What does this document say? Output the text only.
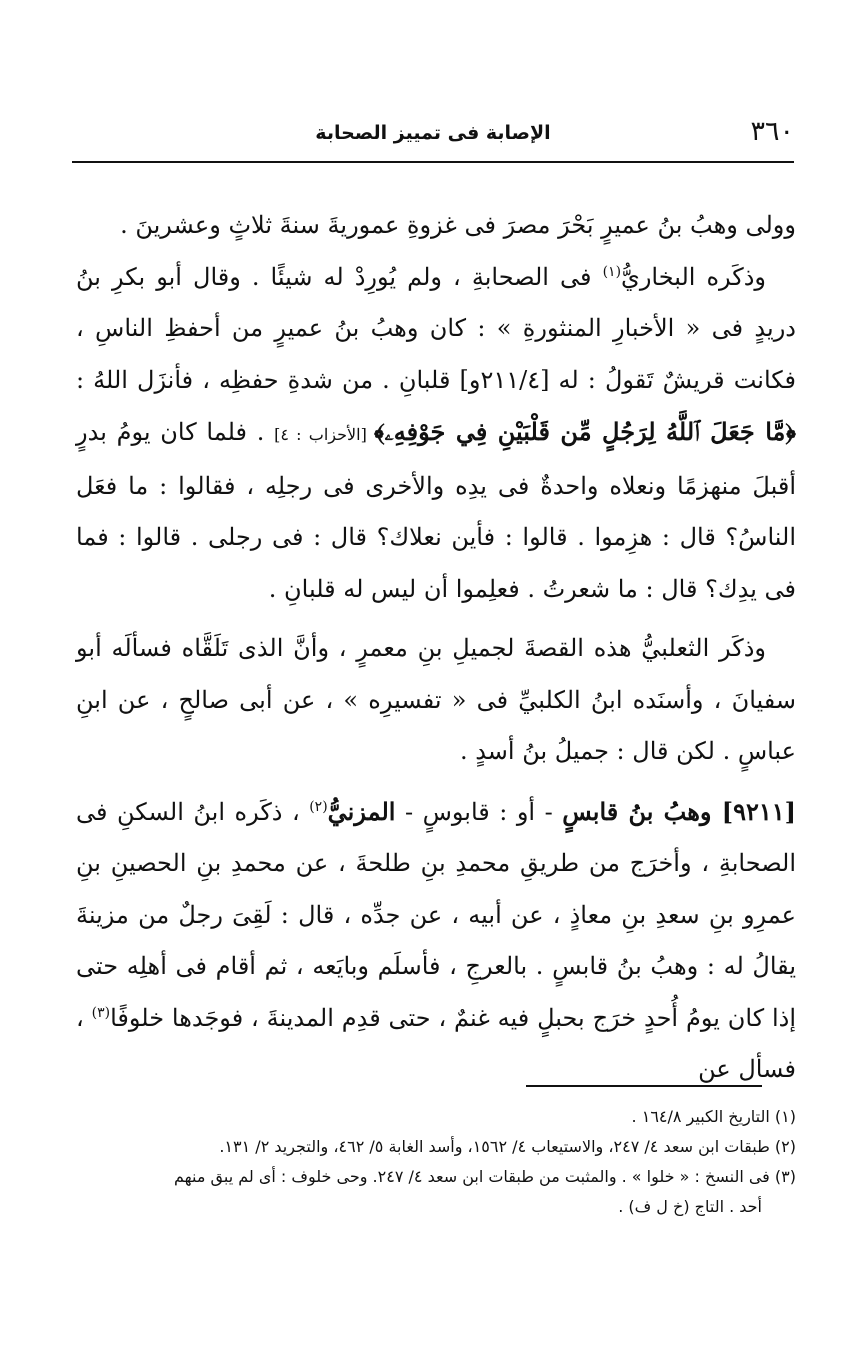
٣٦٠
الإصابة فى تمييز الصحابة

وولى وهبُ بنُ عميرٍ بَحْرَ مصرَ فى غزوةِ عموريةَ سنةَ ثلاثٍ وعشرينَ .

وذكَره البخاريُّ$^{(١)}$ فى الصحابةِ ، ولم يُورِدْ له شيئًا . وقال أبو بكرِ بنُ دريدٍ فى « الأخبارِ المنثورةِ » : كان وهبُ بنُ عميرٍ من أحفظِ الناسِ ، فكانت قريشٌ تَقولُ : له [٢١١/٤و] قلبانِ . من شدةِ حفظِه ، فأنزَل اللهُ : ﴿مَّا جَعَلَ ٱللَّهُ لِرَجُلٍ مِّن قَلْبَيْنِ فِي جَوْفِهِۦ﴾ [الأحزاب : ٤] . فلما كان يومُ بدرٍ أقبلَ منهزمًا ونعلاه واحدةٌ فى يدِه والأخرى فى رجلِه ، فقالوا : ما فعَل الناسُ؟ قال : هزِموا . قالوا : فأين نعلاك؟ قال : فى رجلى . قالوا : فما فى يدِك؟ قال : ما شعرتُ . فعلِموا أن ليس له قلبانِ .

وذكَر الثعلبيُّ هذه القصةَ لجميلِ بنِ معمرٍ ، وأنَّ الذى تَلَقَّاه فسألَه أبو سفيانَ ، وأسنَده ابنُ الكلبيِّ فى « تفسيرِه » ، عن أبى صالحٍ ، عن ابنِ عباسٍ . لكن قال : جميلُ بنُ أسدٍ .

[٩٢١١] وهبُ بنُ قابسٍ - أو : قابوسٍ - المزنيُّ$^{(٢)}$ ، ذكَره ابنُ السكنِ فى الصحابةِ ، وأخرَج من طريقِ محمدِ بنِ طلحةَ ، عن محمدِ بنِ الحصينِ بنِ عمرِو بنِ سعدِ بنِ معاذٍ ، عن أبيه ، عن جدِّه ، قال : لَقِىَ رجلٌ من مزينةَ يقالُ له : وهبُ بنُ قابسٍ . بالعرجِ ، فأسلَم وبايَعه ، ثم أقام فى أهلِه حتى إذا كان يومُ أُحدٍ خرَج بحبلٍ فيه غنمٌ ، حتى قدِم المدينةَ ، فوجَدها خلوفًا$^{(٣)}$ ، فسأل عن

(١) التاريخ الكبير ١٦٤/٨ .

(٢) طبقات ابن سعد ٤/ ٢٤٧، والاستيعاب ٤/ ١٥٦٢، وأسد الغابة ٥/ ٤٦٢، والتجريد ٢/ ١٣١.

(٣) فى النسخ : « خلوا » . والمثبت من طبقات ابن سعد ٤/ ٢٤٧. وحى خلوف : أى لم يبق منهم
أحد . التاج (خ ل ف) .
